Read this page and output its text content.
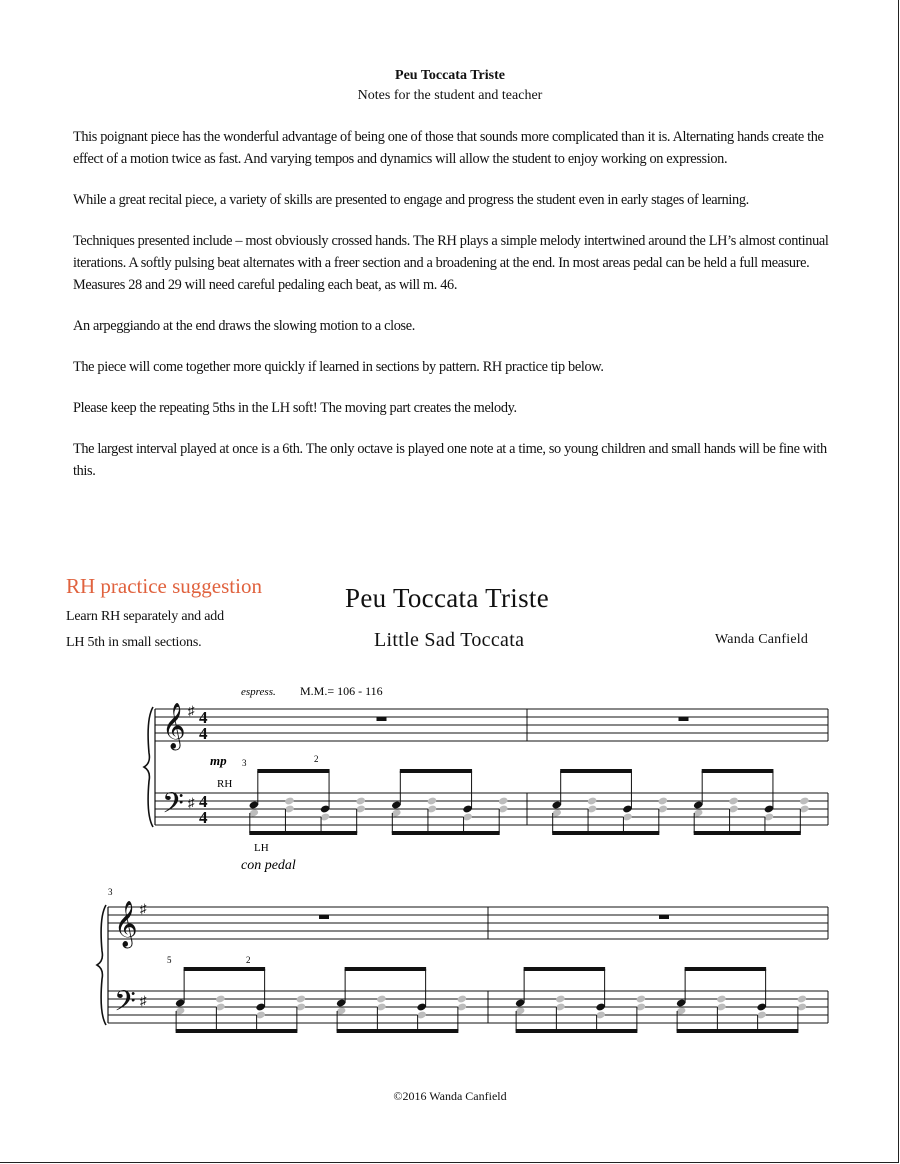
Peu Toccata Triste
Notes for the student and teacher

This poignant piece has the wonderful advantage of being one of those that sounds more complicated than it is. Alternating hands create the effect of a motion twice as fast. And varying tempos and dynamics will allow the student to enjoy working on expression.

While a great recital piece, a variety of skills are presented to engage and progress the student even in early stages of learning.

Techniques presented include – most obviously crossed hands. The RH plays a simple melody intertwined around the LH’s almost continual iterations. A softly pulsing beat alternates with a freer section and a broadening at the end. In most areas pedal can be held a full measure. Measures 28 and 29 will need careful pedaling each beat, as will m. 46.

An arpeggiando at the end draws the slowing motion to a close.

The piece will come together more quickly if learned in sections by pattern. RH practice tip below.

Please keep the repeating 5ths in the LH soft! The moving part creates the melody.

The largest interval played at once is a 6th. The only octave is played one note at a time, so young children and small hands will be fine with this.

RH practice suggestion
Learn RH separately and add
LH 5th in small sections.
Peu Toccata Triste
Little Sad Toccata	Wanda Canfield
𝄞
𝄢
♯
♯
4
4
4
4
𝄞
𝄢
♯
♯
espress. M.M.= 106 - 116
mp
RH
LH
con pedal
3
3	2
5	2
©2016 Wanda Canfield
